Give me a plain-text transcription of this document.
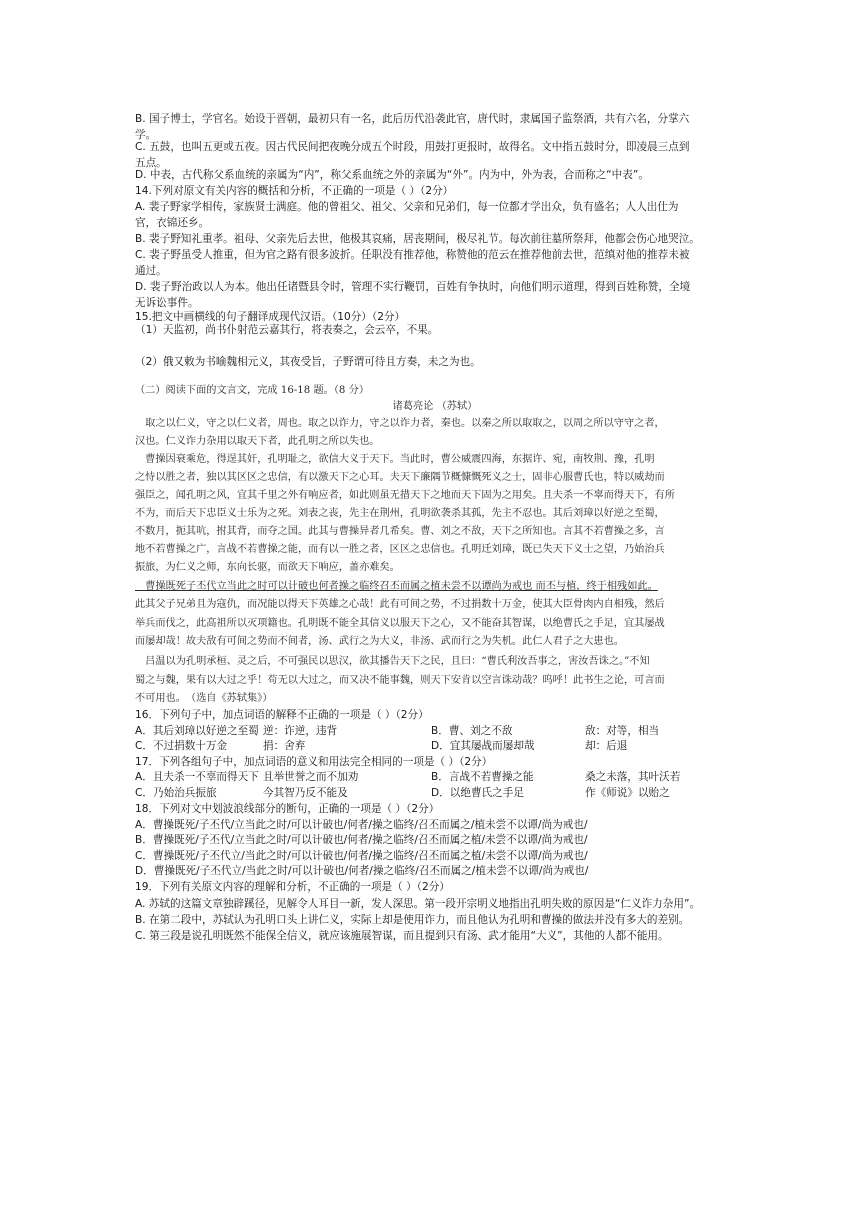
B. 国子博士，学官名。始设于晋朝，最初只有一名，此后历代沿袭此官，唐代时，隶属国子监祭酒，共有六名，分掌六
学。
C. 五鼓，也叫五更或五夜。因古代民间把夜晚分成五个时段，用鼓打更报时，故得名。文中指五鼓时分，即凌晨三点到
五点。
D. 中表，古代称父系血统的亲属为“内”，称父系血统之外的亲属为“外”。内为中，外为表，合而称之“中表”。
14.下列对原文有关内容的概括和分析，不正确的一项是（ ）（2分）
A. 裴子野家学相传，家族贤士满庭。他的曾祖父、祖父、父亲和兄弟们，每一位都才学出众，负有盛名；人人出仕为
官，衣锦还乡。
B. 裴子野知礼重孝。祖母、父亲先后去世，他极其哀痛，居丧期间，极尽礼节。每次前往墓所祭拜，他都会伤心地哭泣。
C. 裴子野虽受人推重，但为官之路有很多波折。任职没有推荐他，称赞他的范云在推荐他前去世，范缜对他的推荐未被
通过。
D. 裴子野治政以人为本。他出任诸暨县令时，管理不实行鞭罚，百姓有争执时，向他们明示道理，得到百姓称赞，全境
无诉讼事件。
15.把文中画横线的句子翻译成现代汉语。（10分）（2分）
（1）天监初，尚书仆射范云嘉其行，将表奏之，会云卒，不果。
（2）俄又敕为书喻魏相元义，其夜受旨，子野谓可待且方奏，未之为也。
（二）阅读下面的文言文，完成 16-18 题。（8 分）
诸葛亮论 （苏轼）
　取之以仁义，守之以仁义者，周也。取之以诈力，守之以诈力者，秦也。以秦之所以取取之，以周之所以守守之者，
汉也。仁义诈力杂用以取天下者，此孔明之所以失也。
　曹操因衰乘危，得逞其奸，孔明耻之，欲信大义于天下。当此时，曹公威震四海，东据许、宛，南牧荆、豫，孔明
之恃以胜之者，独以其区区之忠信，有以激天下之心耳。夫天下廉隅节概慷慨死义之士，固非心服曹氏也，特以威劫而
强臣之，闻孔明之风，宜其千里之外有响应者，如此则虽无措天下之地而天下固为之用矣。且夫杀一不辜而得天下，有所
不为，而后天下忠臣义士乐为之死。刘表之丧，先主在荆州，孔明欲袭杀其孤，先主不忍也。其后刘璋以好逆之至蜀，
不数月，扼其吭，拊其背，而夺之国。此其与曹操异者几希矣。曹、刘之不敌，天下之所知也。言其不若曹操之多，言
地不若曹操之广，言战不若曹操之能，而有以一胜之者，区区之忠信也。孔明迁刘璋，既已失天下义士之望，乃始治兵
振旅，为仁义之师，东向长驱，而欲天下响应，盖亦难矣。
　曹操既死子丕代立当此之时可以计破也何者操之临终召丕而属之植未尝不以谭尚为戒也 而丕与植，终于相残如此。
此其父子兄弟且为寇仇，而况能以得天下英雄之心哉！此有可间之势，不过捐数十万金，使其大臣骨肉内自相残，然后
举兵而伐之，此高祖所以灭项籍也。孔明既不能全其信义以服天下之心，又不能奋其智谋，以绝曹氏之手足，宜其屡战
而屡却哉！故夫敌有可间之势而不间者，汤、武行之为大义，非汤、武而行之为失机。此仁人君子之大患也。
　吕温以为孔明承桓、灵之后，不可强民以思汉，欲其播告天下之民，且曰：“曹氏利汝吾事之，害汝吾诛之。”不知
蜀之与魏，果有以大过之乎！苟无以大过之，而又决不能事魏，则天下安肯以空言诛动哉？呜呼！此书生之论，可言而
不可用也。　（选自《苏轼集》）
16．下列句子中，加点词语的解释不正确的一项是（ ）（2分）
A．其后刘璋以好逆之至蜀 逆：诈逆，违背	B．曹、刘之不敌	敌：对等，相当
C．不过捐数十万金	捐：舍弃	D．宜其屡战而屡却哉	却：后退
17．下列各组句子中，加点词语的意义和用法完全相同的一项是（ ）（2分）
A．且夫杀一不辜而得天下 且举世誉之而不加劝	B．言战不若曹操之能	桑之未落，其叶沃若
C．乃始治兵振旅	今其智乃反不能及	D．以绝曹氏之手足	作《师说》以贻之
18．下列对文中划波浪线部分的断句，正确的一项是（ ）（2分）
A．曹操既死/子丕代/立当此之时/可以计破也/何者/操之临终/召丕而属之/植未尝不以谭/尚为戒也/
B．曹操既死/子丕代/立当此之时/可以计破也/何者/操之临终/召丕而属之植/未尝不以谭/尚为戒也/
C．曹操既死/子丕代立/当此之时/可以计破也/何者/操之临终/召丕而属之植/未尝不以谭/尚为戒也/
D．曹操既死/子丕代立/当此之时/可以计破也/何者/操之临终/召丕而属之/植未尝不以谭/尚为戒也/
19．下列有关原文内容的理解和分析，不正确的一项是（ ）（2分）
A. 苏轼的这篇文章独辟蹊径，见解令人耳目一新，发人深思。第一段开宗明义地指出孔明失败的原因是“仁义诈力杂用”。
B. 在第二段中，苏轼认为孔明口头上讲仁义，实际上却是使用诈力，而且他认为孔明和曹操的做法并没有多大的差别。
C. 第三段是说孔明既然不能保全信义，就应该施展智谋，而且提到只有汤、武才能用“大义”，其他的人都不能用。
